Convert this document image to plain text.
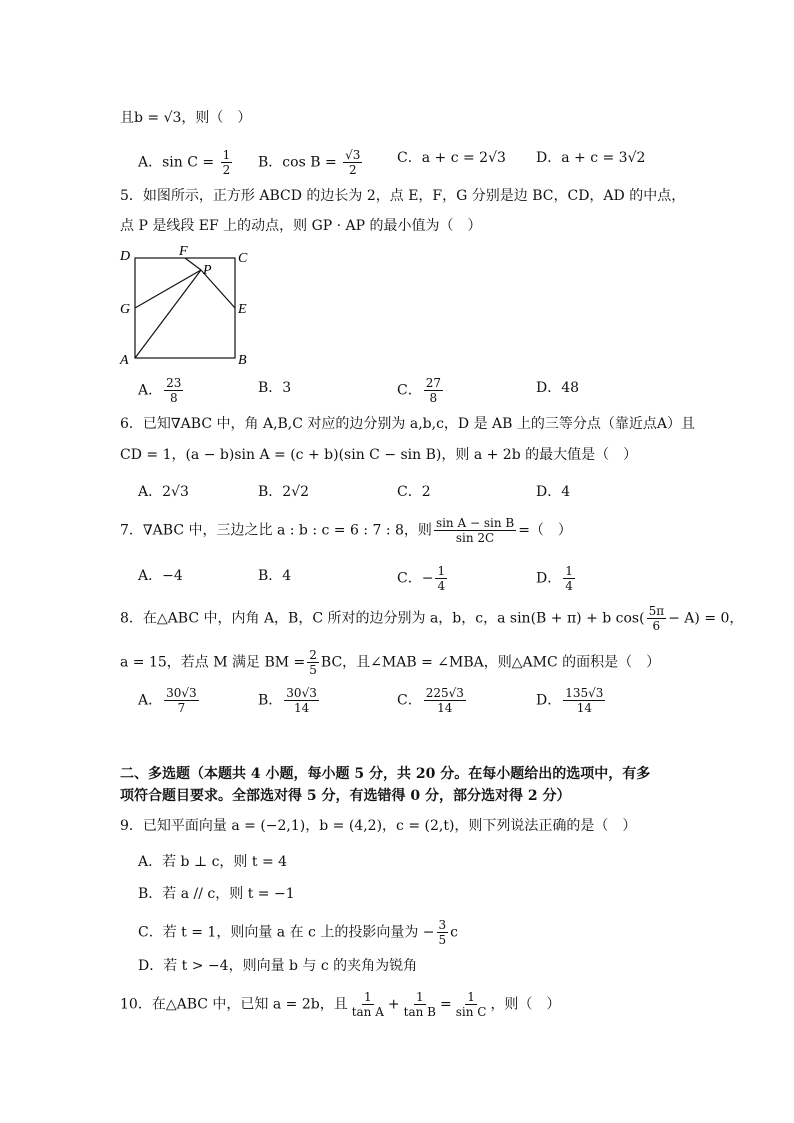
且b = √3，则（　）
A．$\sin C = \frac{1}{2}$ B．$\cos B = \frac{√3}{2}$ C．a + c = 2√3 D．a + c = 3√2
5．如图所示，正方形 ABCD 的边长为 2，点 E，F，G 分别是边 BC，CD，AD 的中点，
点 P 是线段 EF 上的动点，则 GP · AP 的最小值为（　）
D	F	C
P
G	E
A	B
A． $\frac{23}{8}$	B．3	C． $\frac{27}{8}$	D．48
6．已知∇ABC 中，角 A,B,C 对应的边分别为 a,b,c，D 是 AB 上的三等分点（靠近点A）且
CD = 1，(a − b)sin A = (c + b)(sin C − sin B)，则 a + 2b 的最大值是（　）
A．2√3	B．2√2	C．2	D．4
7．∇ABC 中，三边之比 a : b : c = 6 : 7 : 8，则 $\frac{\text{sin A − sin B}}{\sin 2C}$ =（　）
A．−4	B．4	C．− $\frac{1}{4}$	D． $\frac{1}{4}$
8．在△ABC 中，内角 A，B，C 所对的边分别为 a，b，c，a sin(B + π) + b $\cos( \frac{5\pi}{6} - A) = 0$，
a = 15，若点 M 满足 BM = $\frac{2}{5}$ BC，且∠MAB = ∠MBA，则△AMC 的面积是（　）
A． $\frac{30√3}{7}$	B． $\frac{30√3}{14}$	C． $\frac{225√3}{14}$	D． $\frac{135√3}{14}$
二、多选题（本题共 4 小题，每小题 5 分，共 20 分。在每小题给出的选项中，有多
项符合题目要求。全部选对得 5 分，有选错得 0 分，部分选对得 2 分）
9．已知平面向量 a = (−2,1)，b = (4,2)，c = (2,t)，则下列说法正确的是（　）
A．若 b ⊥ c，则 t = 4
B．若 a // c，则 t = −1
C．若 t = 1，则向量 a 在 c 上的投影向量为 − $\frac{3}{5}$ c
D．若 t > −4，则向量 b 与 c 的夹角为锐角
10．在△ABC 中，已知 a = 2b，且 $\frac{1}{\text{tan A}} + \frac{1}{\text{tan B}} = \frac{1}{\text{sin C}}$ ，则（　）
